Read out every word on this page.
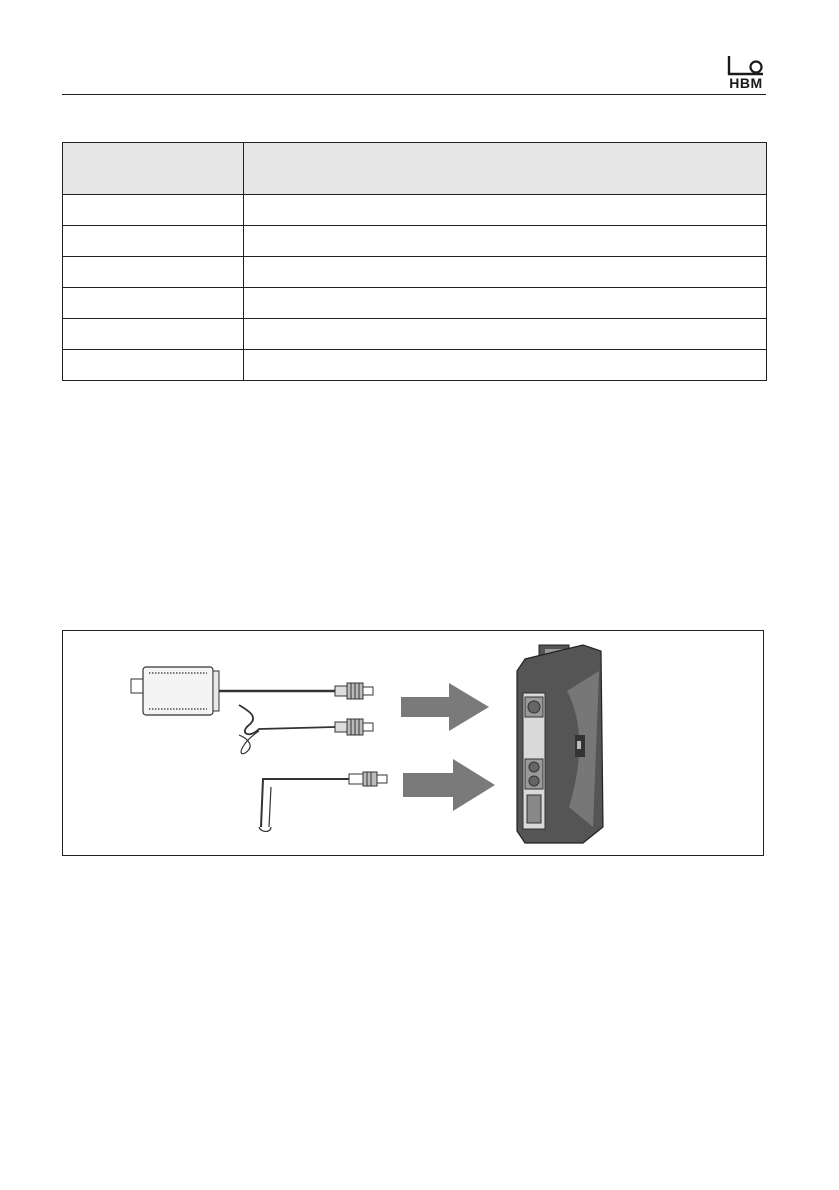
HBM
